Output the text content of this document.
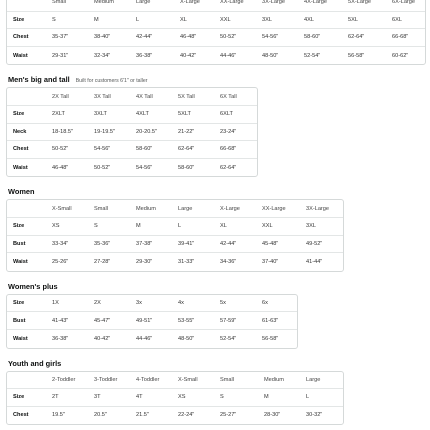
	Small	Medium	Large	X-Large	XX-Large	3X-Large	4X-Large	5X-Large	6X-Large
Size	S	M	L	XL	XXL	3XL	4XL	5XL	6XL
Chest	35-37"	38-40"	42-44"	46-48"	50-52"	54-56"	58-60"	62-64"	66-68"
Waist	29-31"	32-34"	36-38"	40-42"	44-46"	48-50"	52-54"	56-58"	60-62"
Men's big and tall Built for customers 6'1" or taller
	2X Tall	3X Tall	4X Tall	5X Tall	6X Tall
Size	2XLT	3XLT	4XLT	5XLT	6XLT
Neck	18-18.5"	19-19.5"	20-20.5"	21-22"	23-24"
Chest	50-52"	54-56"	58-60"	62-64"	66-68"
Waist	46-48"	50-52"	54-56"	58-60"	62-64"
Women
	X-Small	Small	Medium	Large	X-Large	XX-Large	3X-Large
Size	XS	S	M	L	XL	XXL	3XL
Bust	33-34"	35-36"	37-38"	39-41"	42-44"	45-48"	49-52"
Waist	25-26"	27-28"	29-30"	31-33"	34-36"	37-40"	41-44"
Women's plus
Size	1X	2X	3x	4x	5x	6x
Bust	41-43"	45-47"	49-51"	53-55"	57-59"	61-63"
Waist	36-38"	40-42"	44-46"	48-50"	52-54"	56-58"
Youth and girls
	2-Toddler	3-Toddler	4-Toddler	X-Small	Small	Medium	Large
Size	2T	3T	4T	XS	S	M	L
Chest	19.5"	20.5"	21.5"	22-24"	25-27"	28-30"	30-32"
